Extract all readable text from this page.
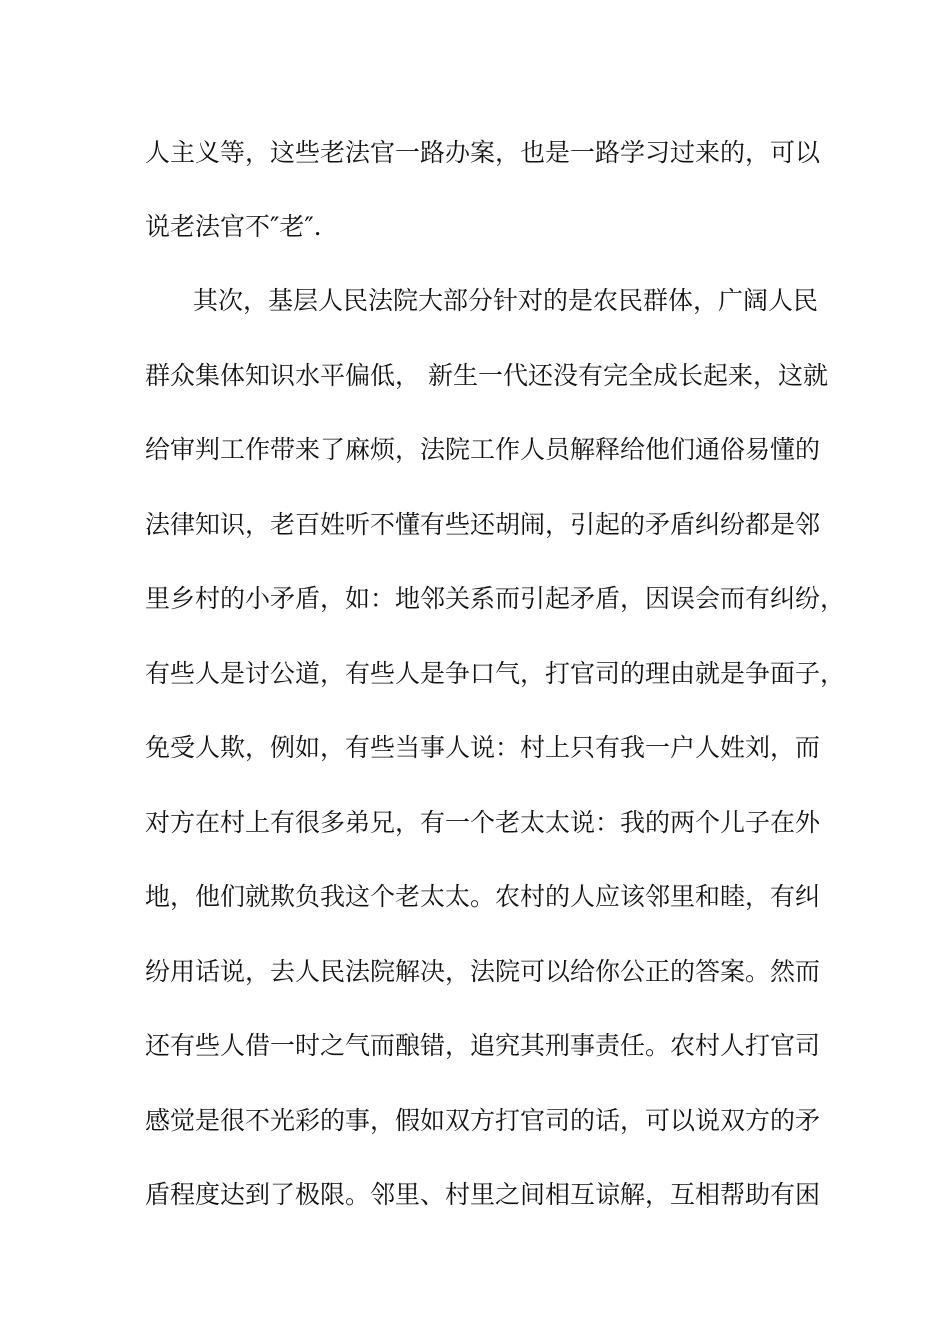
人主义等，这些老法官一路办案，也是一路学习过来的，可以
说老法官不″老″.
其次，基层人民法院大部分针对的是农民群体，广阔人民
群众集体知识水平偏低， 新生一代还没有完全成长起来，这就
给审判工作带来了麻烦，法院工作人员解释给他们通俗易懂的
法律知识，老百姓听不懂有些还胡闹，引起的矛盾纠纷都是邻
里乡村的小矛盾，如：地邻关系而引起矛盾，因误会而有纠纷，
有些人是讨公道，有些人是争口气，打官司的理由就是争面子，
免受人欺，例如，有些当事人说：村上只有我一户人姓刘，而
对方在村上有很多弟兄，有一个老太太说：我的两个儿子在外
地，他们就欺负我这个老太太。农村的人应该邻里和睦，有纠
纷用话说，去人民法院解决，法院可以给你公正的答案。然而
还有些人借一时之气而酿错，追究其刑事责任。农村人打官司
感觉是很不光彩的事，假如双方打官司的话，可以说双方的矛
盾程度达到了极限。邻里、村里之间相互谅解，互相帮助有困
